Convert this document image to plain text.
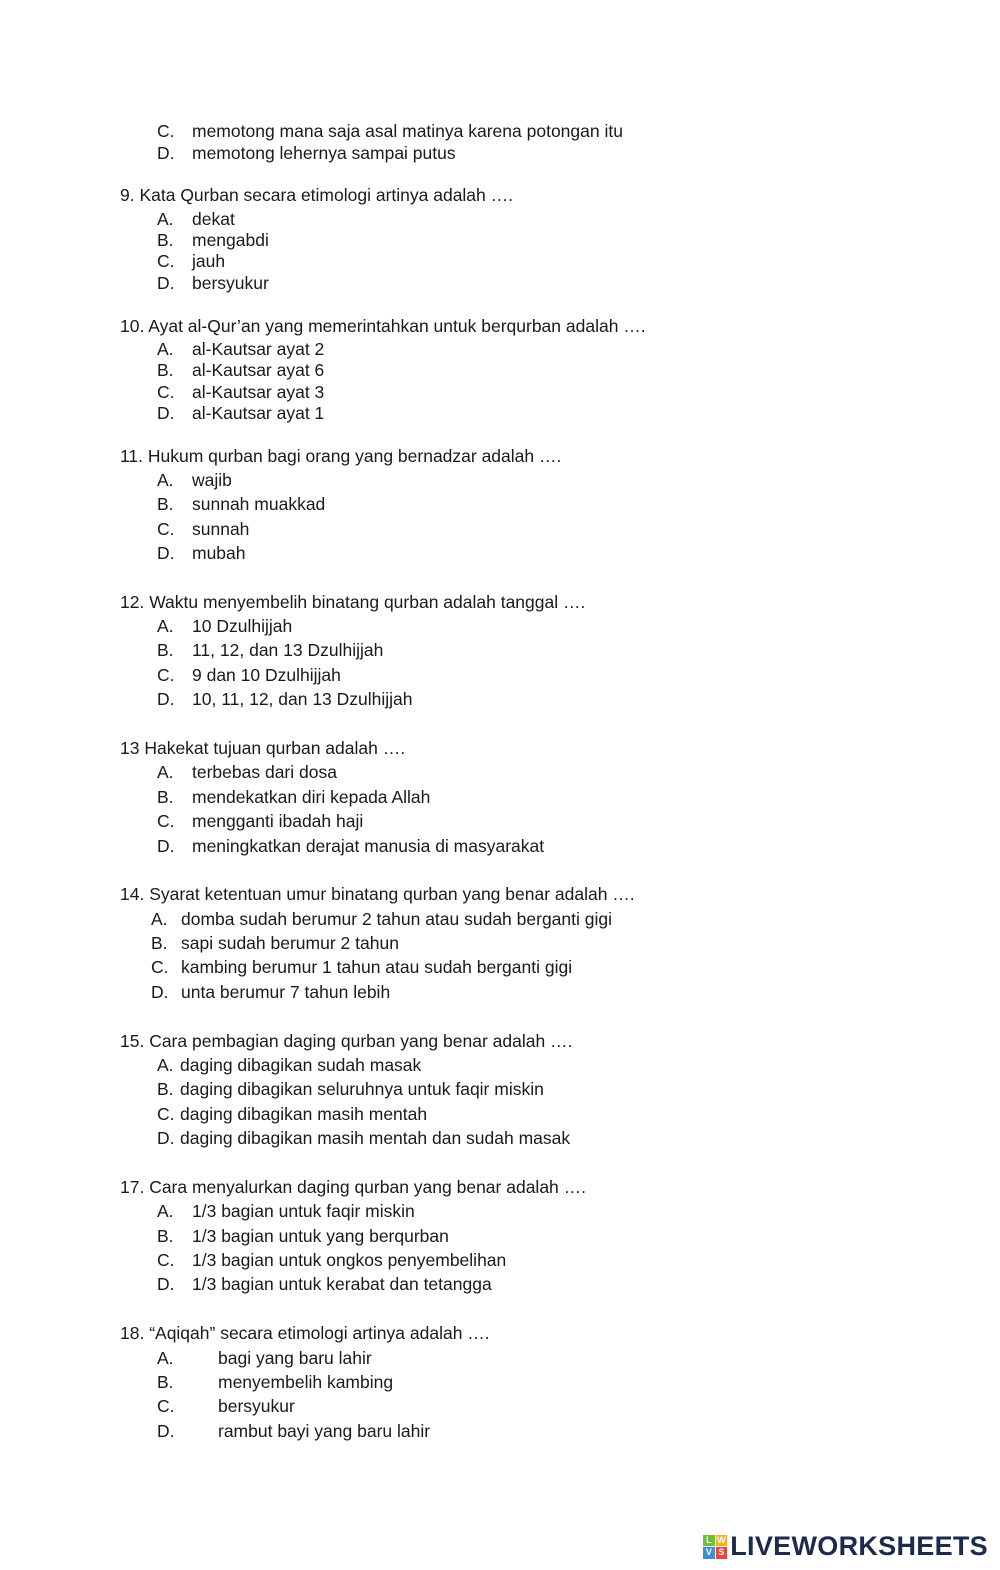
C.	memotong mana saja asal matinya karena potongan itu
D.	memotong lehernya sampai putus
9. Kata Qurban secara etimologi artinya adalah ….
A.	dekat
B.	mengabdi
C.	jauh
D.	bersyukur
10. Ayat al-Qur’an yang memerintahkan untuk berqurban adalah ….
A.	al-Kautsar ayat 2
B.	al-Kautsar ayat 6
C.	al-Kautsar ayat 3
D.	al-Kautsar ayat 1
11. Hukum qurban bagi orang yang bernadzar adalah ….
A.	wajib
B.	sunnah muakkad
C.	sunnah
D.	mubah
12. Waktu menyembelih binatang qurban adalah tanggal ….
A.	10 Dzulhijjah
B.	11, 12, dan 13 Dzulhijjah
C.	9 dan 10 Dzulhijjah
D.	10, 11, 12, dan 13 Dzulhijjah
13 Hakekat tujuan qurban adalah ….
A.	terbebas dari dosa
B.	mendekatkan diri kepada Allah
C.	mengganti ibadah haji
D.	meningkatkan derajat manusia di masyarakat
14. Syarat ketentuan umur binatang qurban yang benar adalah ….
A. domba sudah berumur 2 tahun atau sudah berganti gigi
B. sapi sudah berumur 2 tahun
C. kambing berumur 1 tahun atau sudah berganti gigi
D. unta berumur 7 tahun lebih
15. Cara pembagian daging qurban yang benar adalah ….
A. daging dibagikan sudah masak
B. daging dibagikan seluruhnya untuk faqir miskin
C. daging dibagikan masih mentah
D. daging dibagikan masih mentah dan sudah masak
17. Cara menyalurkan daging qurban yang benar adalah ….
A.	1/3 bagian untuk faqir miskin
B.	1/3 bagian untuk yang berqurban
C.	1/3 bagian untuk ongkos penyembelihan
D.	1/3 bagian untuk kerabat dan tetangga
18. “Aqiqah” secara etimologi artinya adalah ….
A.	bagi yang baru lahir
B.	menyembelih kambing
C.	bersyukur
D.	rambut bayi yang baru lahir
L W
V S LIVEWORKSHEETS
